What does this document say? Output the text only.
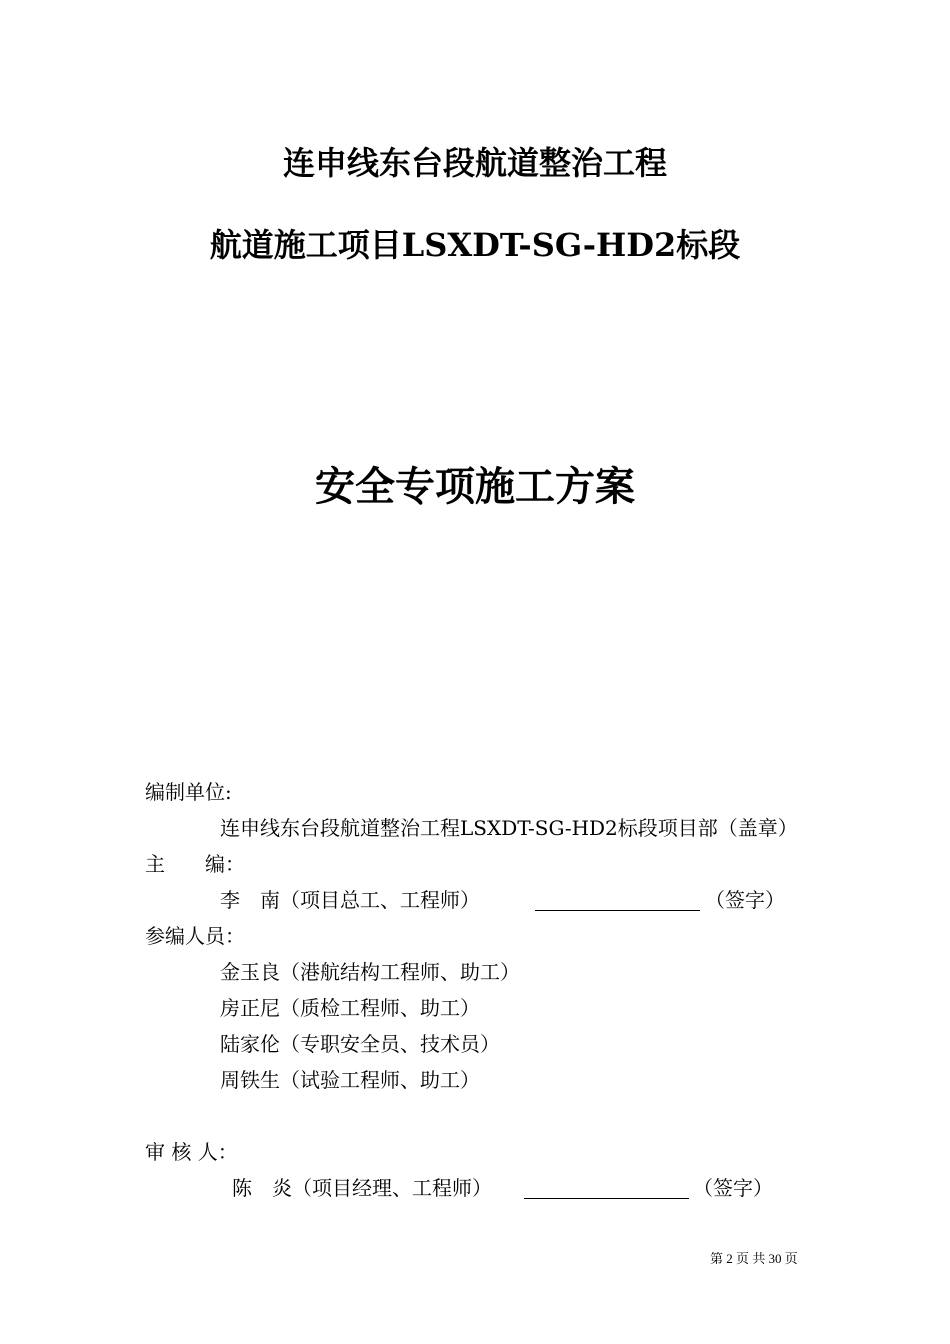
连申线东台段航道整治工程
航道施工项目LSXDT-SG-HD2标段
安全专项施工方案
编制单位:
连申线东台段航道整治工程LSXDT-SG-HD2标段项目部（盖章）
主　　编：
李　南（项目总工、工程师）	（签字）
参编人员：
金玉良（港航结构工程师、助工）
房正尼（质检工程师、助工）
陆家伦（专职安全员、技术员）
周铁生（试验工程师、助工）
审 核 人：
陈　炎（项目经理、工程师）	（签字）
第 2 页 共 30 页
